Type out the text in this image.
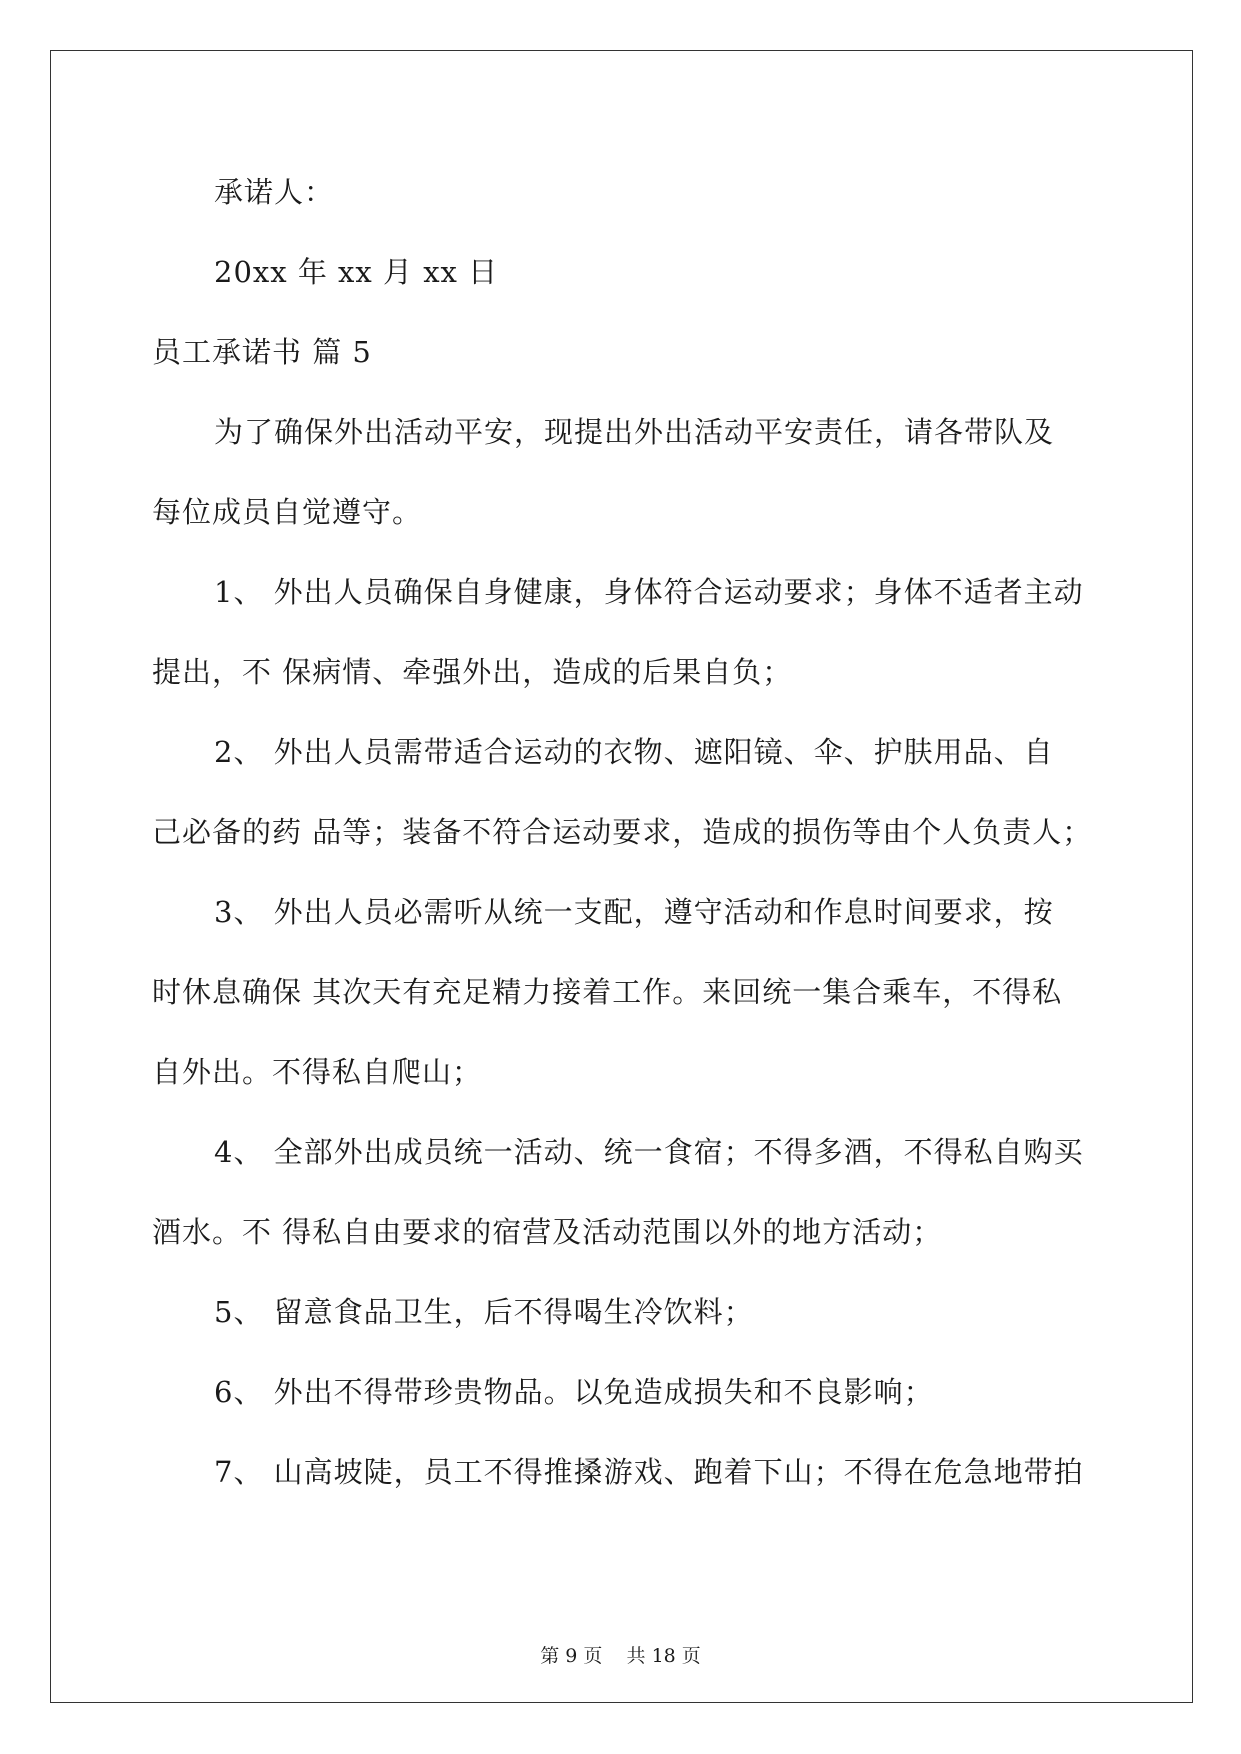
承诺人：
20xx 年 xx 月 xx 日
员工承诺书 篇 5
为了确保外出活动平安，现提出外出活动平安责任，请各带队及
每位成员自觉遵守。
1、 外出人员确保自身健康，身体符合运动要求；身体不适者主动
提出，不 保病情、牵强外出，造成的后果自负；
2、 外出人员需带适合运动的衣物、遮阳镜、伞、护肤用品、自
己必备的药 品等；装备不符合运动要求，造成的损伤等由个人负责人；
3、 外出人员必需听从统一支配，遵守活动和作息时间要求，按
时休息确保 其次天有充足精力接着工作。来回统一集合乘车，不得私
自外出。不得私自爬山；
4、 全部外出成员统一活动、统一食宿；不得多酒，不得私自购买
酒水。不 得私自由要求的宿营及活动范围以外的地方活动；
5、 留意食品卫生，后不得喝生冷饮料；
6、 外出不得带珍贵物品。以免造成损失和不良影响；
7、 山高坡陡，员工不得推搡游戏、跑着下山；不得在危急地带拍
第 9 页    共 18 页
